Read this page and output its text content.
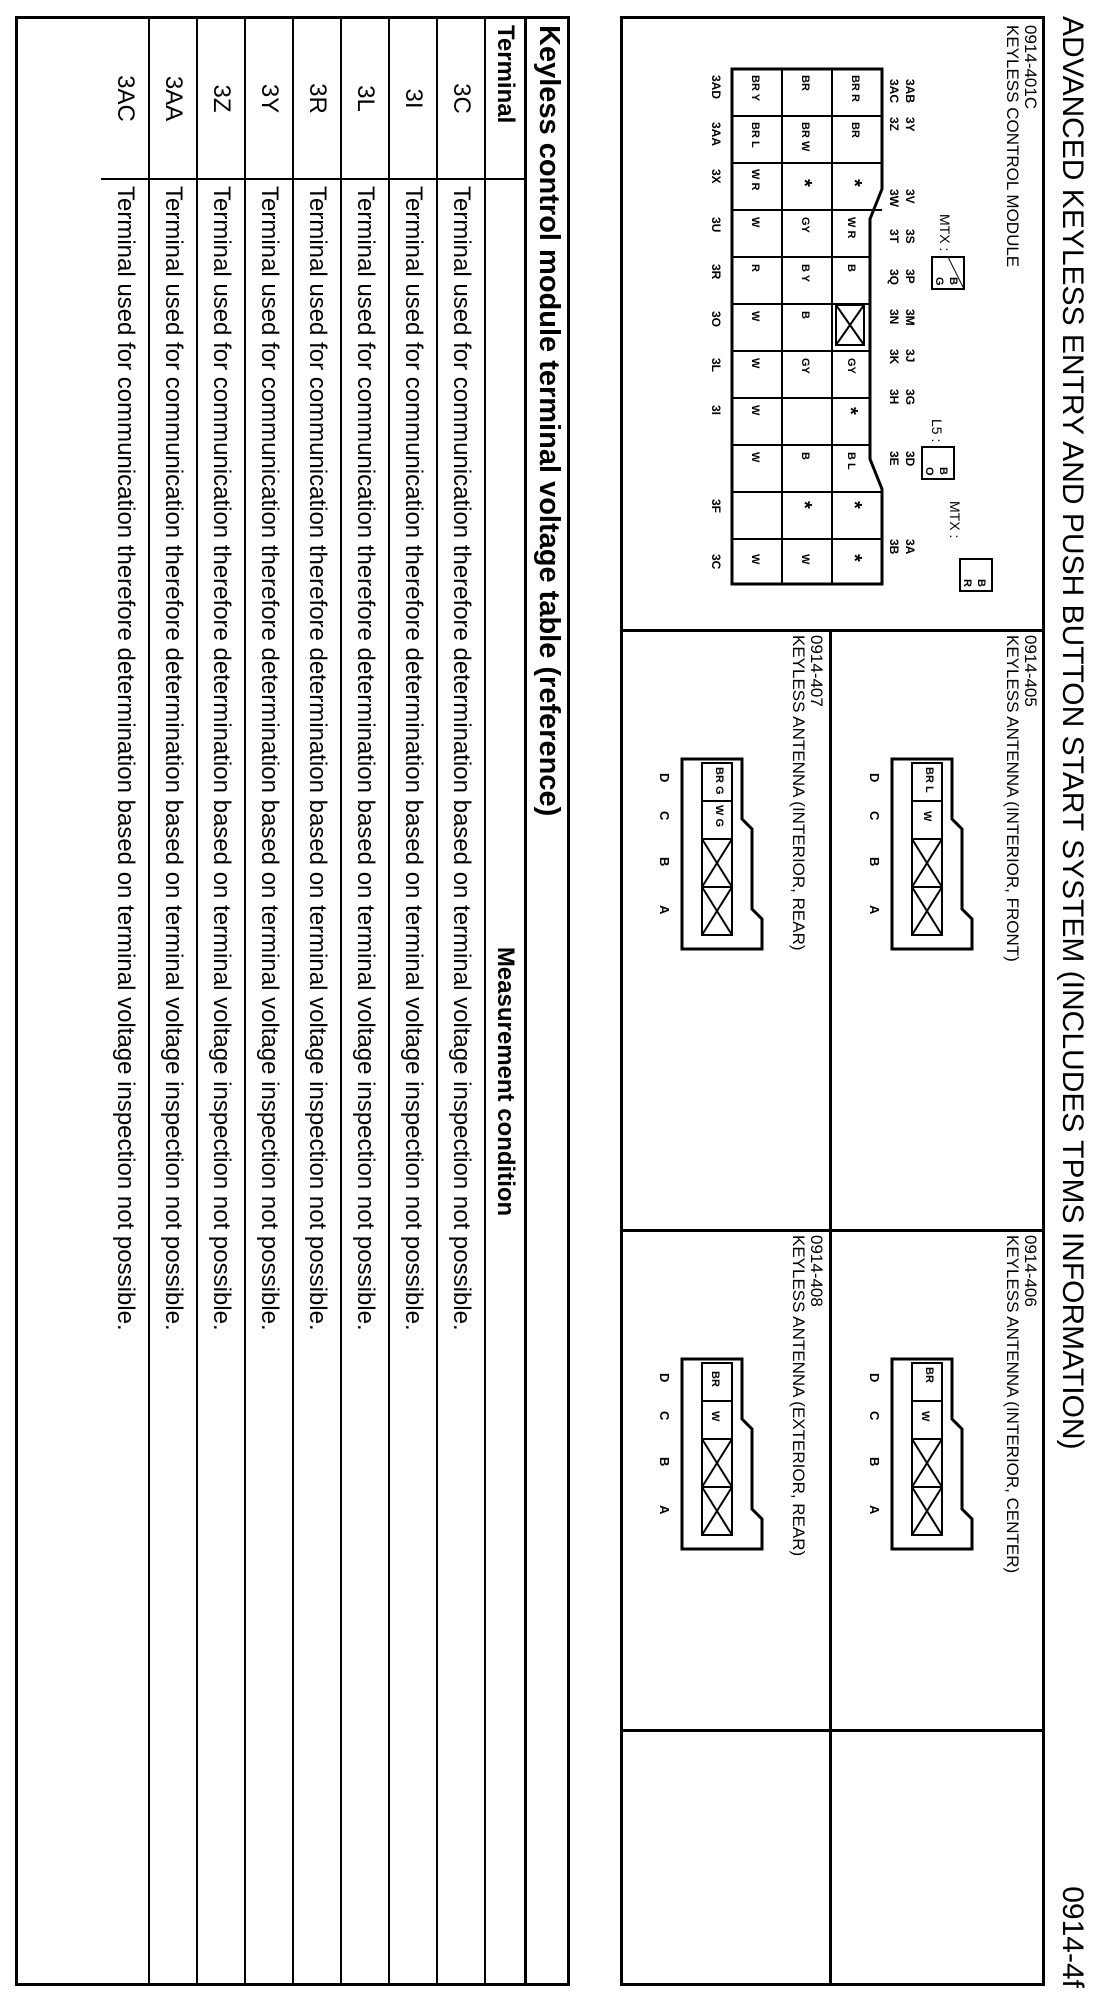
ADVANCED KEYLESS ENTRY AND PUSH BUTTON START SYSTEM (INCLUDES TPMS INFORMATION)
0914-4f
0914-401C
KEYLESS CONTROL MODULE
MTX :
B
G
MTX :
B
R
L5 :
B
O
3V
3S
3P
3M
3J
3G
3D
3A
3W
3T
3Q
3N
3K
3H
3E
3B
3AB
3Y
3AC
3Z
BR R
BR
*
W R
B
GY
*
B L
*
*
BR
BR W
*
GY
B Y
B
GY
B
*
W
BR Y
BR L
W R
W
R
W
W
W
W
W
3AD
3AA
3X
3U
3R
3O
3L
3I
3F
3C
0914-405
KEYLESS ANTENNA (INTERIOR, FRONT)
BR L
W
D
C
B
A
0914-407
KEYLESS ANTENNA (INTERIOR, REAR)
BR G
W G
D
C
B
A
0914-406
KEYLESS ANTENNA (INTERIOR, CENTER)
BR
W
D
C
B
A
0914-408
KEYLESS ANTENNA (EXTERIOR, REAR)
BR
W
D
C
B
A
Keyless control module terminal voltage table (reference)
Terminal	Measurement condition
3C	Terminal used for communication therefore determination based on terminal voltage inspection not possible.
3I	Terminal used for communication therefore determination based on terminal voltage inspection not possible.
3L	Terminal used for communication therefore determination based on terminal voltage inspection not possible.
3R	Terminal used for communication therefore determination based on terminal voltage inspection not possible.
3Y	Terminal used for communication therefore determination based on terminal voltage inspection not possible.
3Z	Terminal used for communication therefore determination based on terminal voltage inspection not possible.
3AA	Terminal used for communication therefore determination based on terminal voltage inspection not possible.
3AC	Terminal used for communication therefore determination based on terminal voltage inspection not possible.
